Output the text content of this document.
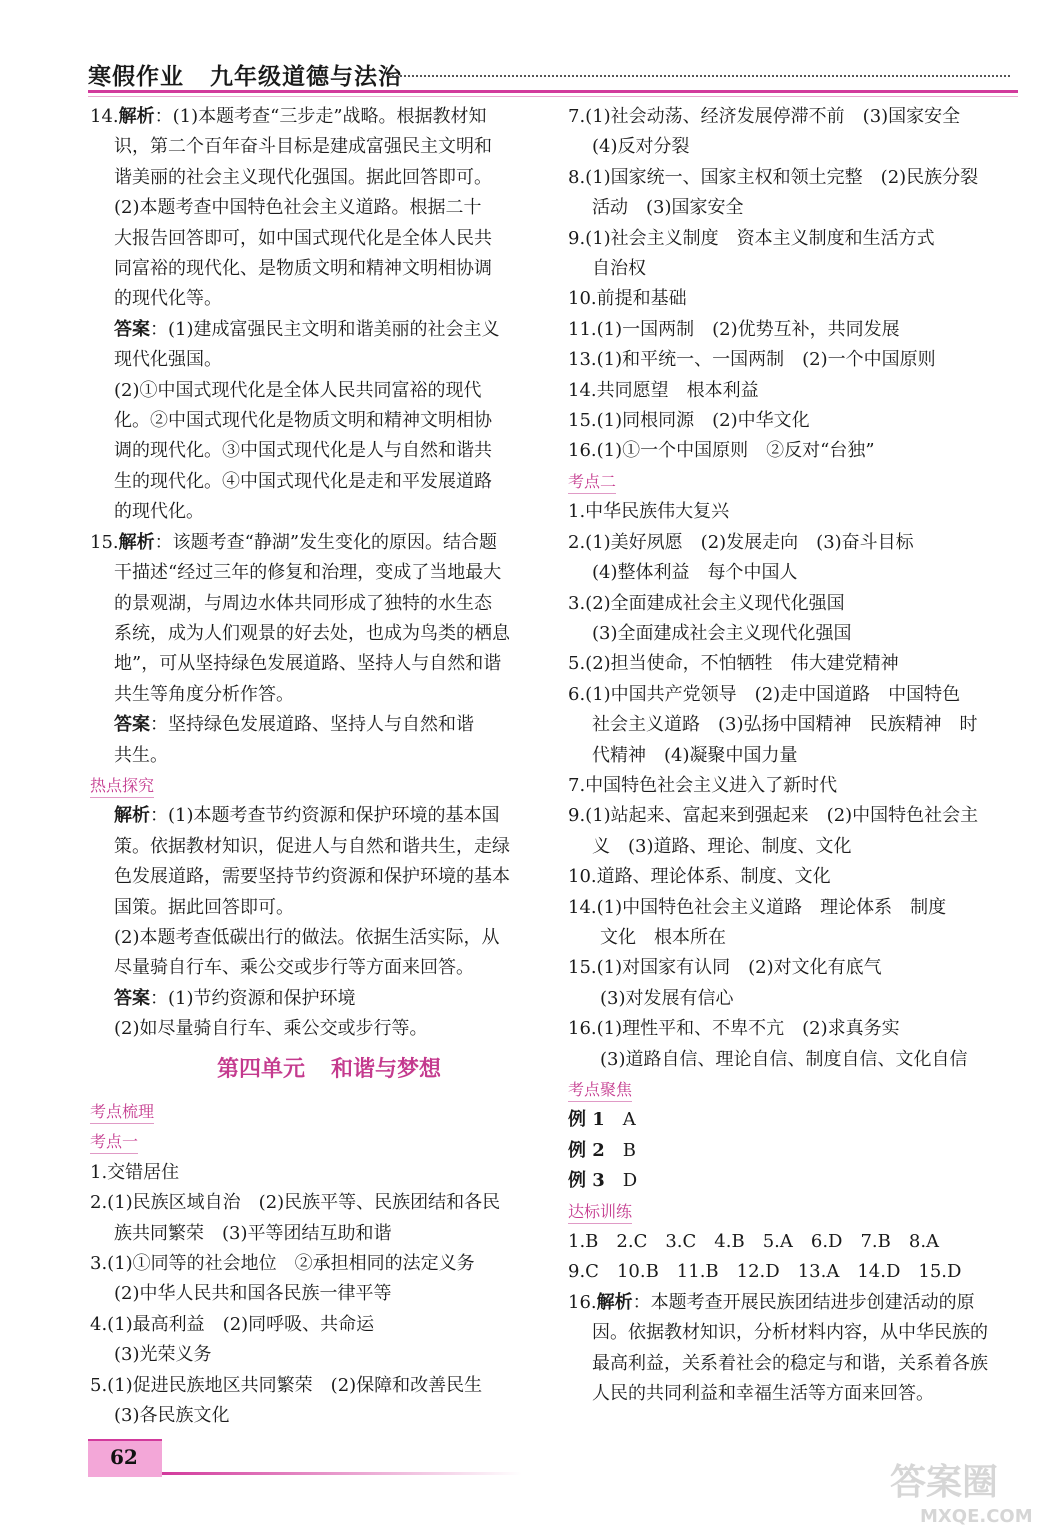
寒假作业 九年级道德与法治

14.解析：(1)本题考查“三步走”战略。根据教材知

识，第二个百年奋斗目标是建成富强民主文明和

谐美丽的社会主义现代化强国。据此回答即可。

(2)本题考查中国特色社会主义道路。根据二十

大报告回答即可，如中国式现代化是全体人民共

同富裕的现代化、是物质文明和精神文明相协调

的现代化等。

答案：(1)建成富强民主文明和谐美丽的社会主义

现代化强国。

(2)①中国式现代化是全体人民共同富裕的现代

化。②中国式现代化是物质文明和精神文明相协

调的现代化。③中国式现代化是人与自然和谐共

生的现代化。④中国式现代化是走和平发展道路

的现代化。

15.解析：该题考查“静湖”发生变化的原因。结合题

干描述“经过三年的修复和治理，变成了当地最大

的景观湖，与周边水体共同形成了独特的水生态

系统，成为人们观景的好去处，也成为鸟类的栖息

地”，可从坚持绿色发展道路、坚持人与自然和谐

共生等角度分析作答。

答案：坚持绿色发展道路、坚持人与自然和谐

共生。

热点探究

解析：(1)本题考查节约资源和保护环境的基本国

策。依据教材知识，促进人与自然和谐共生，走绿

色发展道路，需要坚持节约资源和保护环境的基本

国策。据此回答即可。

(2)本题考查低碳出行的做法。依据生活实际，从

尽量骑自行车、乘公交或步行等方面来回答。

答案：(1)节约资源和保护环境

(2)如尽量骑自行车、乘公交或步行等。

第四单元 和谐与梦想

考点梳理

考点一

1.交错居住

2.(1)民族区域自治　(2)民族平等、民族团结和各民

族共同繁荣　(3)平等团结互助和谐

3.(1)①同等的社会地位　②承担相同的法定义务

(2)中华人民共和国各民族一律平等

4.(1)最高利益　(2)同呼吸、共命运

(3)光荣义务

5.(1)促进民族地区共同繁荣　(2)保障和改善民生

(3)各民族文化

7.(1)社会动荡、经济发展停滞不前　(3)国家安全

(4)反对分裂

8.(1)国家统一、国家主权和领土完整　(2)民族分裂

活动　(3)国家安全

9.(1)社会主义制度　资本主义制度和生活方式

自治权

10.前提和基础

11.(1)一国两制　(2)优势互补，共同发展

13.(1)和平统一、一国两制　(2)一个中国原则

14.共同愿望　根本利益

15.(1)同根同源　(2)中华文化

16.(1)①一个中国原则　②反对“台独”

考点二

1.中华民族伟大复兴

2.(1)美好夙愿　(2)发展走向　(3)奋斗目标

(4)整体利益　每个中国人

3.(2)全面建成社会主义现代化强国

(3)全面建成社会主义现代化强国

5.(2)担当使命，不怕牺牲　伟大建党精神

6.(1)中国共产党领导　(2)走中国道路　中国特色

社会主义道路　(3)弘扬中国精神　民族精神　时

代精神　(4)凝聚中国力量

7.中国特色社会主义进入了新时代

9.(1)站起来、富起来到强起来　(2)中国特色社会主

义　(3)道路、理论、制度、文化

10.道路、理论体系、制度、文化

14.(1)中国特色社会主义道路　理论体系　制度

文化　根本所在

15.(1)对国家有认同　(2)对文化有底气

(3)对发展有信心

16.(1)理性平和、不卑不亢　(2)求真务实

(3)道路自信、理论自信、制度自信、文化自信

考点聚焦

例 1　 A

例 2　 B

例 3　 D

达标训练

1.B　2.C　3.C　4.B　5.A　6.D　7.B　8.A

9.C　10.B　11.B　12.D　13.A　14.D　15.D

16.解析：本题考查开展民族团结进步创建活动的原

因。依据教材知识，分析材料内容，从中华民族的

最高利益，关系着社会的稳定与和谐，关系着各族

人民的共同利益和幸福生活等方面来回答。

62
答案圈
MXQE.COM
